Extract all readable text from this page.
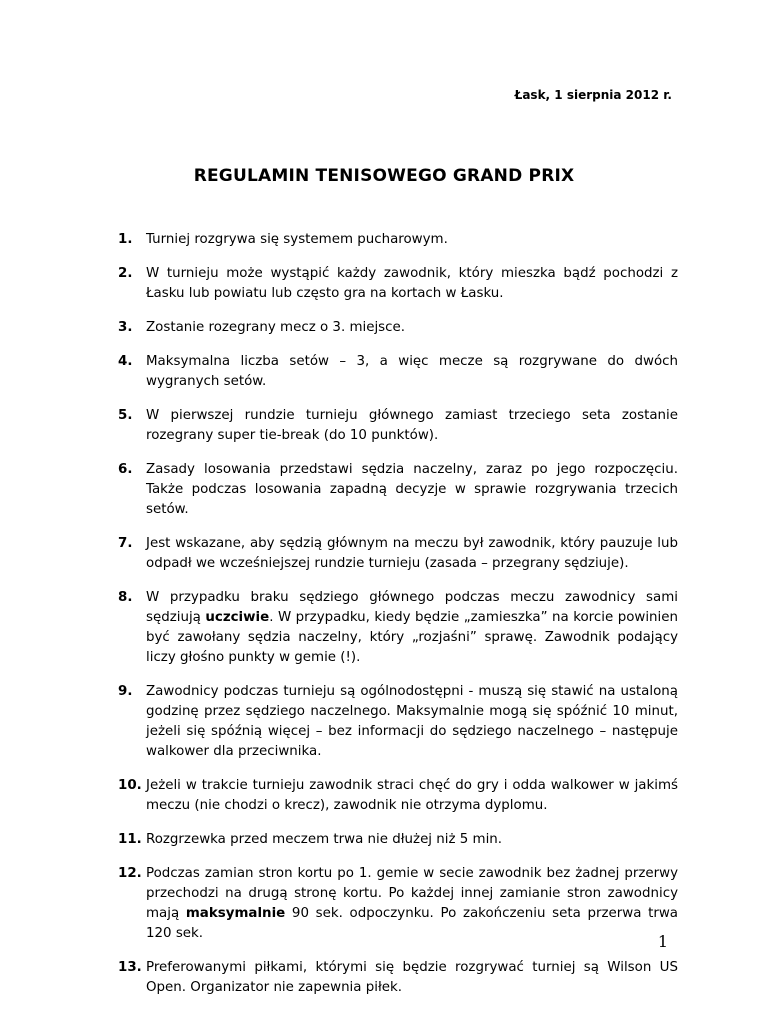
Łask, 1 sierpnia 2012 r.
REGULAMIN TENISOWEGO GRAND PRIX
1.	Turniej rozgrywa się systemem pucharowym.
2.	W turnieju może wystąpić każdy zawodnik, który mieszka bądź pochodzi z Łasku lub powiatu lub często gra na kortach w Łasku.
3.	Zostanie rozegrany mecz o 3. miejsce.
4.	Maksymalna liczba setów – 3, a więc mecze są rozgrywane do dwóch wygranych setów.
5.	W pierwszej rundzie turnieju głównego zamiast trzeciego seta zostanie rozegrany super tie-break (do 10 punktów).
6.	Zasady losowania przedstawi sędzia naczelny, zaraz po jego rozpoczęciu. Także podczas losowania zapadną decyzje w sprawie rozgrywania trzecich setów.
7.	Jest wskazane, aby sędzią głównym na meczu był zawodnik, który pauzuje lub odpadł we wcześniejszej rundzie turnieju (zasada – przegrany sędziuje).
8.	W przypadku braku sędziego głównego podczas meczu zawodnicy sami sędziują uczciwie. W przypadku, kiedy będzie „zamieszka” na korcie powinien być zawołany sędzia naczelny, który „rozjaśni” sprawę. Zawodnik podający liczy głośno punkty w gemie (!).
9.	Zawodnicy podczas turnieju są ogólnodostępni - muszą się stawić na ustaloną godzinę przez sędziego naczelnego. Maksymalnie mogą się spóźnić 10 minut, jeżeli się spóźnią więcej – bez informacji do sędziego naczelnego – następuje walkower dla przeciwnika.
10. Jeżeli w trakcie turnieju zawodnik straci chęć do gry i odda walkower w jakimś meczu (nie chodzi o krecz), zawodnik nie otrzyma dyplomu.
11. Rozgrzewka przed meczem trwa nie dłużej niż 5 min.
12. Podczas zamian stron kortu po 1. gemie w secie zawodnik bez żadnej przerwy przechodzi na drugą stronę kortu. Po każdej innej zamianie stron zawodnicy mają maksymalnie 90 sek. odpoczynku. Po zakończeniu seta przerwa trwa 120 sek.
13. Preferowanymi piłkami, którymi się będzie rozgrywać turniej są Wilson US Open. Organizator nie zapewnia piłek.
1
